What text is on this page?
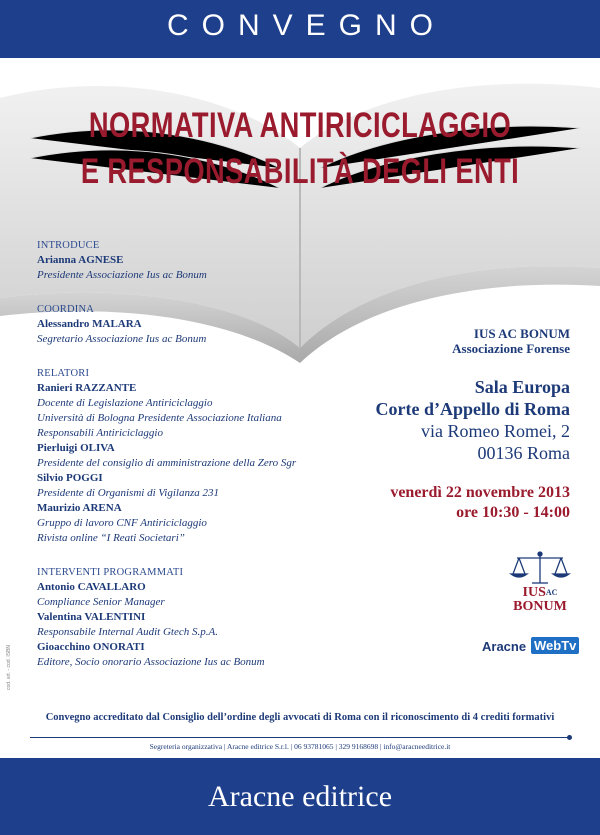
CONVEGNO
NORMATIVA ANTIRICICLAGGIO
E RESPONSABILITÀ DEGLI ENTI
INTRODUCE
Arianna AGNESE
Presidente Associazione Ius ac Bonum
COORDINA
Alessandro MALARA
Segretario Associazione Ius ac Bonum
RELATORI
Ranieri RAZZANTE
Docente di Legislazione Antiriciclaggio
Università di Bologna Presidente Associazione Italiana
Responsabili Antiriciclaggio
Pierluigi OLIVA
Presidente del consiglio di amministrazione della Zero Sgr
Silvio POGGI
Presidente di Organismi di Vigilanza 231
Maurizio ARENA
Gruppo di lavoro CNF Antiriciclaggio
Rivista online “I Reati Societari”
INTERVENTI PROGRAMMATI
Antonio CAVALLARO
Compliance Senior Manager
Valentina VALENTINI
Responsabile Internal Audit Gtech S.p.A.
Gioacchino ONORATI
Editore, Socio onorario Associazione Ius ac Bonum
IUS AC BONUM
Associazione Forense
Sala Europa
Corte d’Appello di Roma
via Romeo Romei, 2
00136 Roma
venerdì 22 novembre 2013
ore 10:30 - 14:00
$IUS^{AC}$
BONUM
Aracne WebTv
cod. art. - cod. ISBN
Convegno accreditato dal Consiglio dell’ordine degli avvocati di Roma con il riconoscimento di 4 crediti formativi
Segreteria organizzativa | Aracne editrice S.r.l. | 06 93781065 | 329 9168698 | info@aracneeditrice.it
Aracne editrice
